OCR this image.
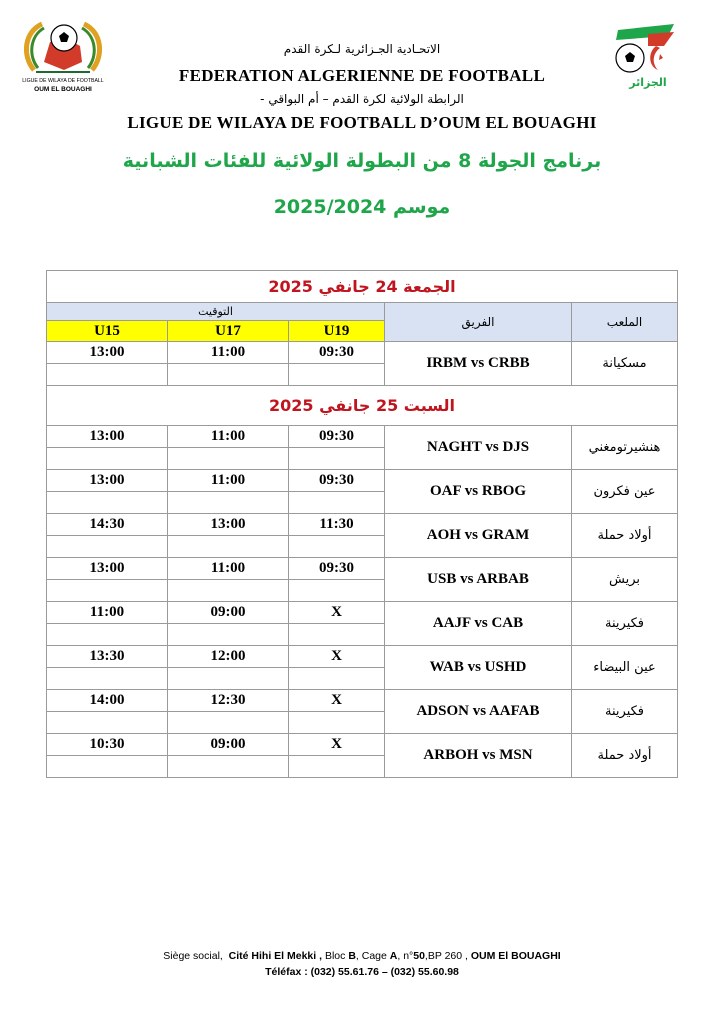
LIGUE DE WILAYA DE FOOTBALL
OUM EL BOUAGHI
الجزائر
الاتحـادية الجـزائرية لـكرة القدم
FEDERATION ALGERIENNE DE FOOTBALL
الرابطة الولائية لكرة القدم – أم البواقي -
LIGUE DE WILAYA DE FOOTBALL D’OUM EL BOUAGHI
برنامج الجولة 8 من البطولة الولائية للفئات الشبانية
موسم 2025/2024
الجمعة 24 جانفي 2025				
التوقيت			الفريق	الملعب
U15	U17	U19		
13:00	11:00	09:30	IRBM vs CRBB	مسكيانة

السبت 25 جانفي 2025				
13:00	11:00	09:30	NAGHT vs DJS	هنشيرتومغني

13:00	11:00	09:30	OAF vs RBOG	عين فكرون

14:30	13:00	11:30	AOH vs GRAM	أولاد حملة

13:00	11:00	09:30	USB vs ARBAB	بريش

11:00	09:00	X	AAJF vs CAB	فكيرينة

13:30	12:00	X	WAB vs USHD	عين البيضاء

14:00	12:30	X	ADSON vs AAFAB	فكيرينة

10:30	09:00	X	ARBOH vs MSN	أولاد حملة

Siège social, Cité Hihi El Mekki , Bloc B, Cage A, n°50,BP 260 , OUM El BOUAGHI
Téléfax : (032) 55.61.76 – (032) 55.60.98
